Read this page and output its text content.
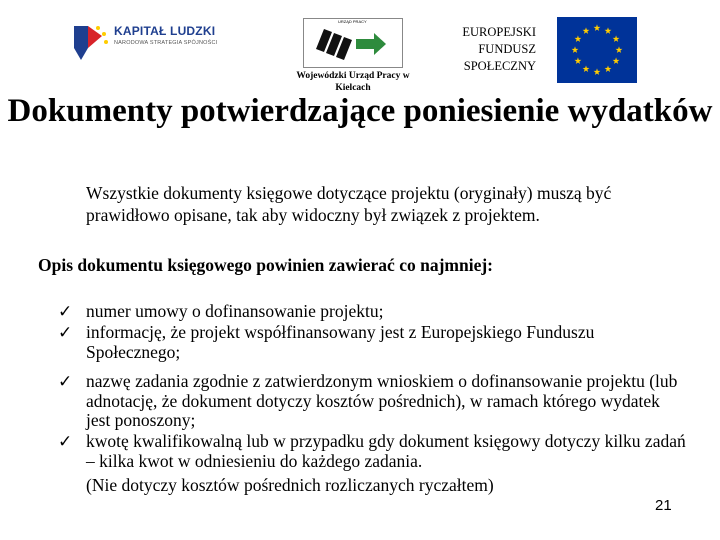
KAPITAŁ LUDZKI
NARODOWA STRATEGIA SPÓJNOŚCI
URZĄD PRACY
Wojewódzki Urząd Pracy w Kielcach
EUROPEJSKI
FUNDUSZ
SPOŁECZNY
Dokumenty potwierdzające poniesienie wydatków
Wszystkie dokumenty księgowe dotyczące projektu (oryginały) muszą być prawidłowo opisane, tak aby widoczny był związek z projektem.
Opis dokumentu księgowego powinien zawierać co najmniej:
✓ numer umowy o dofinansowanie projektu;
✓ informację, że projekt współfinansowany jest z Europejskiego Funduszu Społecznego;
✓ nazwę zadania zgodnie z zatwierdzonym wnioskiem o dofinansowanie projektu (lub adnotację, że dokument dotyczy kosztów pośrednich), w ramach którego wydatek jest ponoszony;
✓ kwotę kwalifikowalną lub w przypadku gdy dokument księgowy dotyczy kilku zadań – kilka kwot w odniesieniu do każdego zadania.
(Nie dotyczy kosztów pośrednich rozliczanych ryczałtem)
21
